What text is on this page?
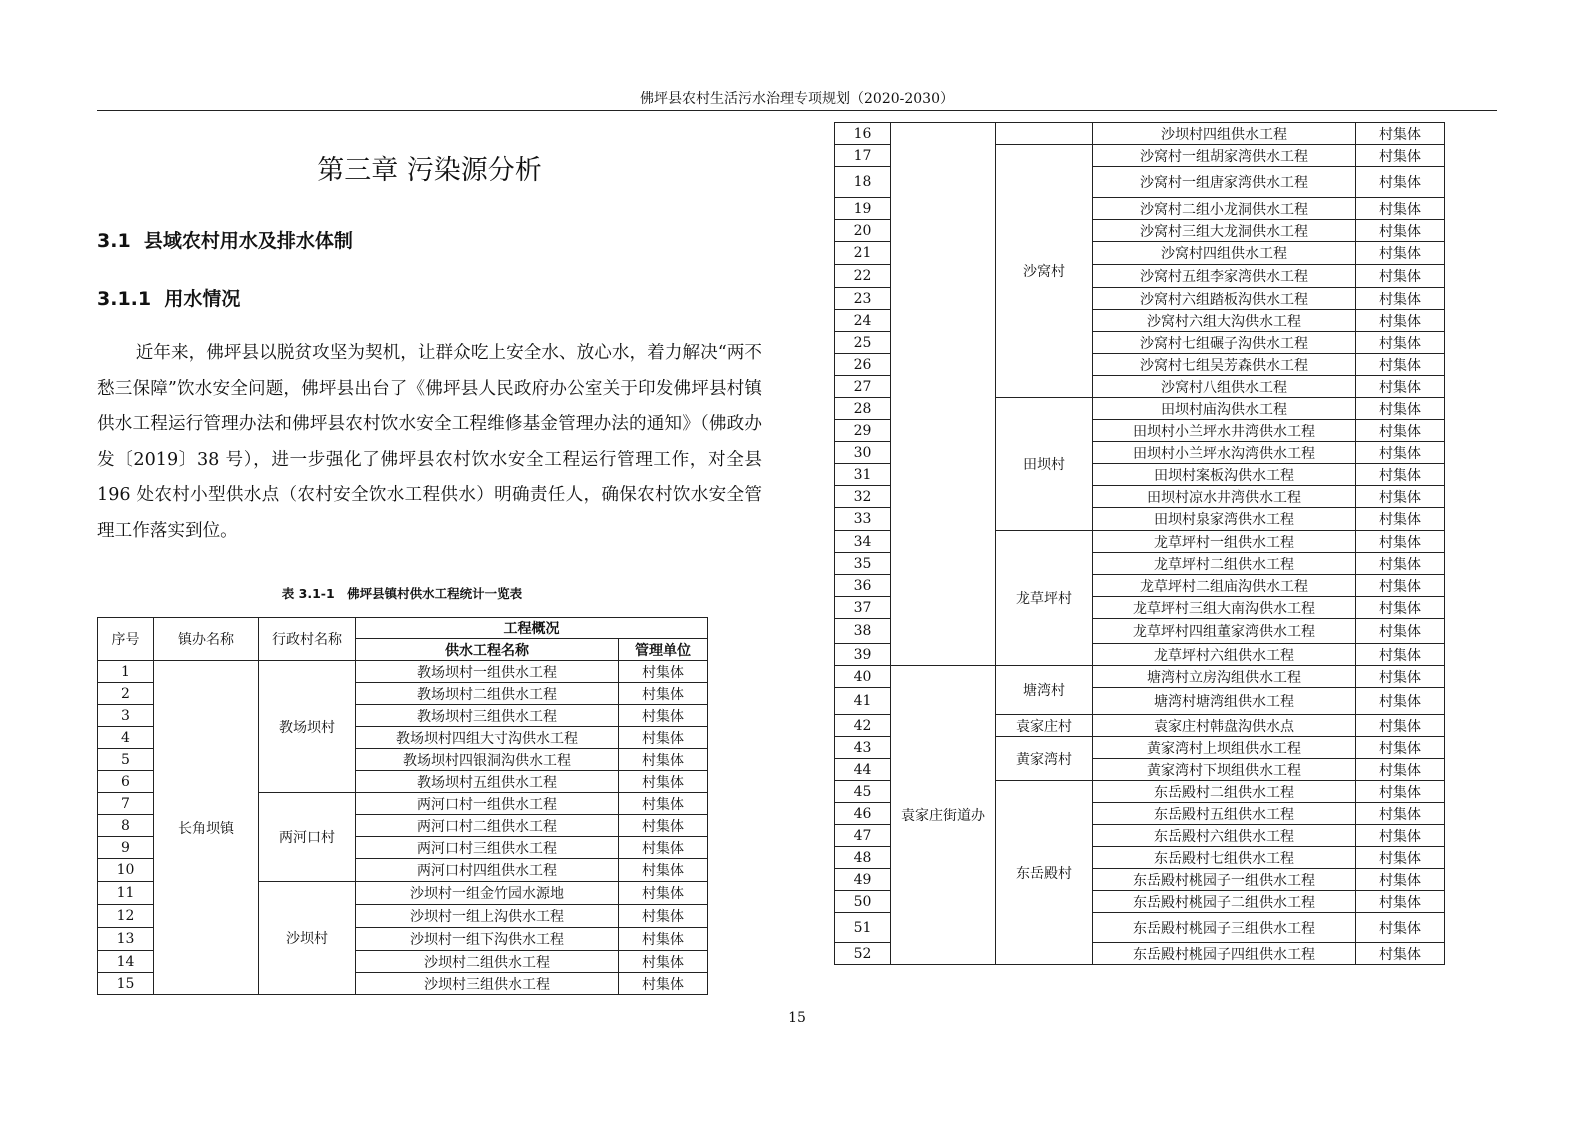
佛坪县农村生活污水治理专项规划（2020-2030）
第三章 污染源分析
3.1 县域农村用水及排水体制
3.1.1 用水情况
近年来，佛坪县以脱贫攻坚为契机，让群众吃上安全水、放心水，着力解决“两不愁三保障”饮水安全问题，佛坪县出台了《佛坪县人民政府办公室关于印发佛坪县村镇供水工程运行管理办法和佛坪县农村饮水安全工程维修基金管理办法的通知》（佛政办发〔2019〕38 号），进一步强化了佛坪县农村饮水安全工程运行管理工作，对全县 196 处农村小型供水点（农村安全饮水工程供水）明确责任人，确保农村饮水安全管理工作落实到位。
表 3.1-1　佛坪县镇村供水工程统计一览表
序号	镇办名称	行政村名称	工程概况	
			供水工程名称	管理单位
1	长角坝镇	教场坝村	教场坝村一组供水工程	村集体
2			教场坝村二组供水工程	村集体
3			教场坝村三组供水工程	村集体
4			教场坝村四组大寸沟供水工程	村集体
5			教场坝村四银洞沟供水工程	村集体
6			教场坝村五组供水工程	村集体
7		两河口村	两河口村一组供水工程	村集体
8			两河口村二组供水工程	村集体
9			两河口村三组供水工程	村集体
10			两河口村四组供水工程	村集体
11		沙坝村	沙坝村一组金竹园水源地	村集体
12			沙坝村一组上沟供水工程	村集体
13			沙坝村一组下沟供水工程	村集体
14			沙坝村二组供水工程	村集体
15			沙坝村三组供水工程	村集体
16			沙坝村四组供水工程	村集体
17		沙窝村	沙窝村一组胡家湾供水工程	村集体
18			沙窝村一组唐家湾供水工程	村集体
19			沙窝村二组小龙洞供水工程	村集体
20			沙窝村三组大龙洞供水工程	村集体
21			沙窝村四组供水工程	村集体
22			沙窝村五组李家湾供水工程	村集体
23			沙窝村六组踏板沟供水工程	村集体
24			沙窝村六组大沟供水工程	村集体
25			沙窝村七组碾子沟供水工程	村集体
26			沙窝村七组吴芳森供水工程	村集体
27			沙窝村八组供水工程	村集体
28		田坝村	田坝村庙沟供水工程	村集体
29			田坝村小兰坪水井湾供水工程	村集体
30			田坝村小兰坪水沟湾供水工程	村集体
31			田坝村案板沟供水工程	村集体
32			田坝村凉水井湾供水工程	村集体
33			田坝村泉家湾供水工程	村集体
34		龙草坪村	龙草坪村一组供水工程	村集体
35			龙草坪村二组供水工程	村集体
36			龙草坪村二组庙沟供水工程	村集体
37			龙草坪村三组大南沟供水工程	村集体
38			龙草坪村四组董家湾供水工程	村集体
39			龙草坪村六组供水工程	村集体
40	袁家庄街道办	塘湾村	塘湾村立房沟组供水工程	村集体
41			塘湾村塘湾组供水工程	村集体
42		袁家庄村	袁家庄村韩盘沟供水点	村集体
43		黄家湾村	黄家湾村上坝组供水工程	村集体
44			黄家湾村下坝组供水工程	村集体
45		东岳殿村	东岳殿村二组供水工程	村集体
46			东岳殿村五组供水工程	村集体
47			东岳殿村六组供水工程	村集体
48			东岳殿村七组供水工程	村集体
49			东岳殿村桃园子一组供水工程	村集体
50			东岳殿村桃园子二组供水工程	村集体
51			东岳殿村桃园子三组供水工程	村集体
52			东岳殿村桃园子四组供水工程	村集体
15
